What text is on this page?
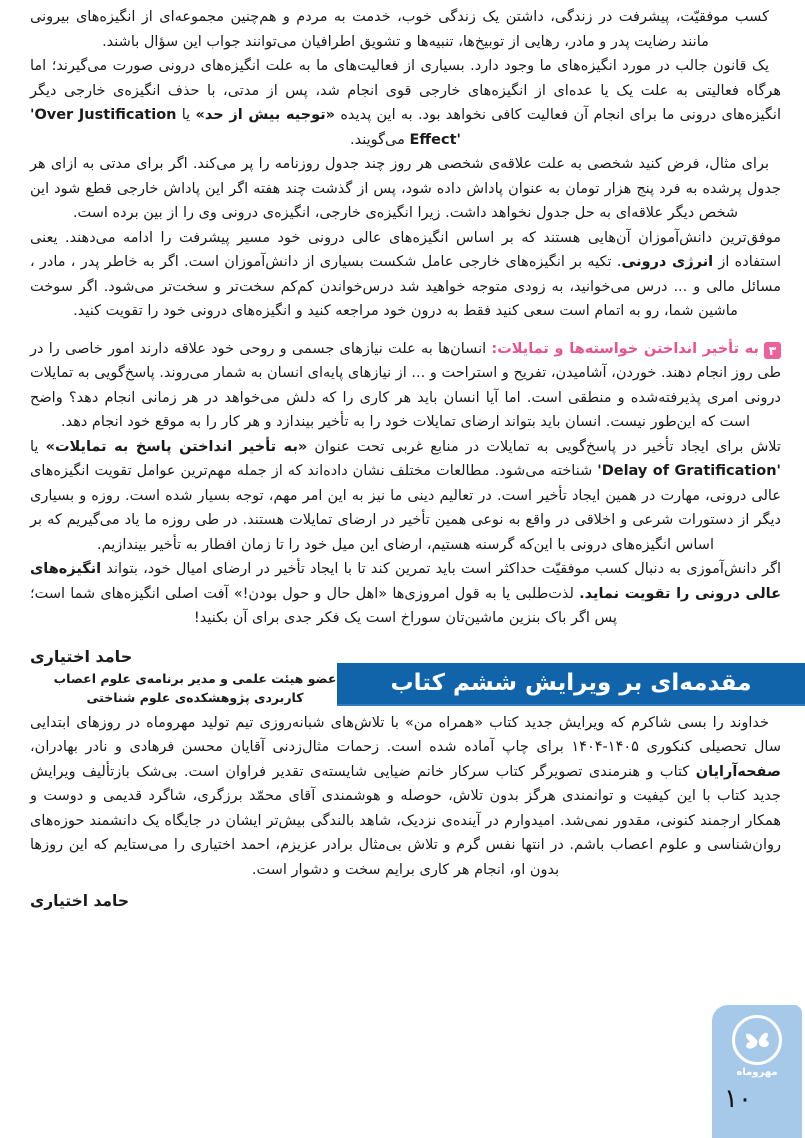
کسب موفقیّت، پیشرفت در زندگی، داشتن یک زندگی خوب، خدمت به مردم و هم‌چنین مجموعه‌ای از انگیزه‌های بیرونی مانند رضایت پدر و مادر، رهایی از توبیخ‌ها، تنبیه‌ها و تشویق اطرافیان می‌توانند جواب این سؤال باشند.

یک قانون جالب در مورد انگیزه‌های ما وجود دارد. بسیاری از فعالیت‌های ما به علت انگیزه‌های درونی صورت می‌گیرند؛ اما هرگاه فعالیتی به علت یک یا عده‌ای از انگیزه‌های خارجی قوی انجام شد، پس از مدتی، با حذف انگیزه‌ی خارجی دیگر انگیزه‌های درونی ما برای انجام آن فعالیت کافی نخواهد بود. به این پدیده «توجیه بیش از حد» یا 'Over Justification Effect' می‌گویند.

برای مثال، فرض کنید شخصی به علت علاقه‌ی شخصی هر روز چند جدول روزنامه را پر می‌کند. اگر برای مدتی به ازای هر جدول پرشده به فرد پنج هزار تومان به عنوان پاداش داده شود، پس از گذشت چند هفته اگر این پاداش خارجی قطع شود این شخص دیگر علاقه‌ای به حل جدول نخواهد داشت. زیرا انگیزه‌ی خارجی، انگیزه‌ی درونی وی را از بین برده است.

موفق‌ترین دانش‌آموزان آن‌هایی هستند که بر اساس انگیزه‌های عالی درونی خود مسیر پیشرفت را ادامه می‌دهند. یعنی استفاده از انرژی درونی. تکیه بر انگیزه‌های خارجی عامل شکست بسیاری از دانش‌آموزان است. اگر به خاطر پدر ، مادر ، مسائل مالی و ... درس می‌خوانید، به زودی متوجه خواهید شد درس‌خواندن کم‌کم سخت‌تر و سخت‌تر می‌شود. اگر سوخت ماشین شما، رو به اتمام است سعی کنید فقط به درون خود مراجعه کنید و انگیزه‌های درونی خود را تقویت کنید.

۳به تأخیر انداختن خواسته‌ها و تمایلات: انسان‌ها به علت نیازهای جسمی و روحی خود علاقه دارند امور خاصی را در طی روز انجام دهند. خوردن، آشامیدن، تفریح و استراحت و ... از نیازهای پایه‌ای انسان به شمار می‌روند. پاسخ‌گویی به تمایلات درونی امری پذیرفته‌شده و منطقی است. اما آیا انسان باید هر کاری را که دلش می‌خواهد در هر زمانی انجام دهد؟ واضح است که این‌طور نیست. انسان باید بتواند ارضای تمایلات خود را به تأخیر بیندازد و هر کار را به موقع خود انجام دهد.

تلاش برای ایجاد تأخیر در پاسخ‌گویی به تمایلات در منابع غربی تحت عنوان «به تأخیر انداختن پاسخ به تمایلات» یا 'Delay of Gratification' شناخته می‌شود. مطالعات مختلف نشان داده‌اند که از جمله مهم‌ترین عوامل تقویت انگیزه‌های عالی درونی، مهارت در همین ایجاد تأخیر است. در تعالیم دینی ما نیز به این امر مهم، توجه بسیار شده است. روزه و بسیاری دیگر از دستورات شرعی و اخلاقی در واقع به نوعی همین تأخیر در ارضای تمایلات هستند. در طی روزه ما یاد می‌گیریم که بر اساس انگیزه‌های درونی با این‌که گرسنه هستیم، ارضای این میل خود را تا زمان افطار به تأخیر بیندازیم.

اگر دانش‌آموزی به دنبال کسب موفقیّت حداکثر است باید تمرین کند تا با ایجاد تأخیر در ارضای امیال خود، بتواند انگیزه‌های عالی درونی را تقویت نماید. لذت‌طلبی یا به قول امروزی‌ها «اهل حال و حول بودن!» آفت اصلی انگیزه‌های شما است؛ پس اگر باک بنزین ماشین‌تان سوراخ است یک فکر جدی برای آن بکنید!

حامد اختیاری

عضو هیئت علمی و مدیر برنامه‌ی علوم اعصاب

کاربردی پژوهشکده‌ی علوم شناختی

مقدمه‌ای بر ویرایش ششم کتاب

خداوند را بسی شاکرم که ویرایش جدید کتاب «همراه من» با تلاش‌های شبانه‌روزی تیم تولید مهروماه در روزهای ابتدایی سال تحصیلی کنکوری ۱۴۰۵-۱۴۰۴ برای چاپ آماده شده است. زحمات مثال‌زدنی آقایان محسن فرهادی و نادر بهادران، صفحه‌آرایان کتاب و هنرمندی تصویرگر کتاب سرکار خانم ضیایی شایسته‌ی تقدیر فراوان است. بی‌شک بازتألیف ویرایش جدید کتاب با این کیفیت و توانمندی هرگز بدون تلاش، حوصله و هوشمندی آقای محمّد برزگری، شاگرد قدیمی و دوست و همکار ارجمند کنونی، مقدور نمی‌شد. امیدوارم در آینده‌ی نزدیک، شاهد بالندگی بیش‌تر ایشان در جایگاه یک دانشمند حوزه‌های روان‌شناسی و علوم اعصاب باشم. در انتها نفس گرم و تلاش بی‌مثال برادر عزیزم، احمد اختیاری را می‌ستایم که این روزها بدون او، انجام هر کاری برایم سخت و دشوار است.

حامد اختیاری

مهروماه
۱۰
